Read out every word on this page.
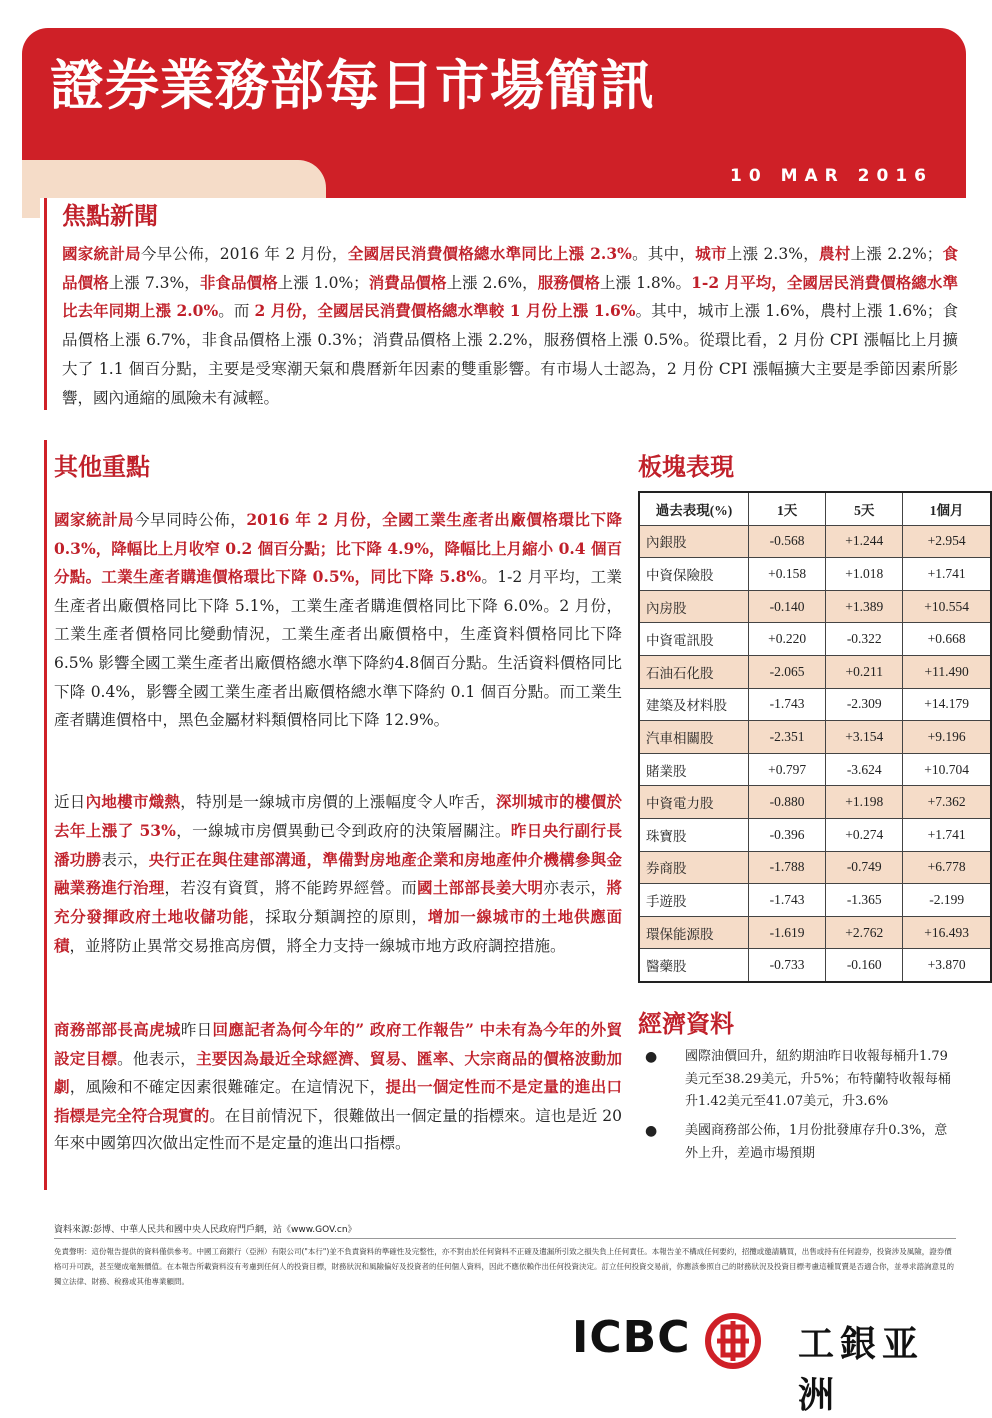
證券業務部每日市場簡訊
10 MAR 2016
焦點新聞

國家統計局今早公佈，2016 年 2 月份，全國居民消費價格總水準同比上漲 2.3%。其中，城市上漲 2.3%，農村上漲 2.2%；食品價格上漲 7.3%，非食品價格上漲 1.0%；消費品價格上漲 2.6%，服務價格上漲 1.8%。1-2 月平均，全國居民消費價格總水準比去年同期上漲 2.0%。而 2 月份，全國居民消費價格總水準較 1 月份上漲 1.6%。其中，城市上漲 1.6%，農村上漲 1.6%；食品價格上漲 6.7%，非食品價格上漲 0.3%；消費品價格上漲 2.2%，服務價格上漲 0.5%。從環比看，2 月份 CPI 漲幅比上月擴大了 1.1 個百分點，主要是受寒潮天氣和農曆新年因素的雙重影響。有市場人士認為，2 月份 CPI 漲幅擴大主要是季節因素所影響，國內通縮的風險未有減輕。

其他重點

國家統計局今早同時公佈，2016 年 2 月份，全國工業生產者出廠價格環比下降 0.3%，降幅比上月收窄 0.2 個百分點；比下降 4.9%，降幅比上月縮小 0.4 個百分點。工業生產者購進價格環比下降 0.5%，同比下降 5.8%。1-2 月平均，工業生產者出廠價格同比下降 5.1%，工業生產者購進價格同比下降 6.0%。2 月份，工業生產者價格同比變動情況，工業生產者出廠價格中，生產資料價格同比下降6.5% 影響全國工業生產者出廠價格總水準下降約4.8個百分點。生活資料價格同比下降 0.4%，影響全國工業生產者出廠價格總水準下降約 0.1 個百分點。而工業生產者購進價格中，黑色金屬材料類價格同比下降 12.9%。

近日內地樓市熾熱，特別是一線城市房價的上漲幅度令人咋舌，深圳城市的樓價於去年上漲了 53%，一線城市房價異動已令到政府的決策層關注。昨日央行副行長潘功勝表示，央行正在與住建部溝通，準備對房地產企業和房地產仲介機構參與金融業務進行治理，若沒有資質，將不能跨界經營。而國土部部長姜大明亦表示，將充分發揮政府土地收儲功能，採取分類調控的原則，增加一線城市的土地供應面積，並將防止異常交易推高房價，將全力支持一線城市地方政府調控措施。

商務部部長高虎城昨日回應記者為何今年的” 政府工作報告” 中未有為今年的外貿設定目標。他表示，主要因為最近全球經濟、貿易、匯率、大宗商品的價格波動加劇，風險和不確定因素很難確定。在這情況下，提出一個定性而不是定量的進出口指標是完全符合現實的。在目前情況下，很難做出一個定量的指標來。這也是近 20 年來中國第四次做出定性而不是定量的進出口指標。

板塊表現
過去表現(%)	1天	5天	1個月
內銀股	-0.568	+1.244	+2.954
中資保險股	+0.158	+1.018	+1.741
內房股	-0.140	+1.389	+10.554
中資電訊股	+0.220	-0.322	+0.668
石油石化股	-2.065	+0.211	+11.490
建築及材料股	-1.743	-2.309	+14.179
汽車相關股	-2.351	+3.154	+9.196
賭業股	+0.797	-3.624	+10.704
中資電力股	-0.880	+1.198	+7.362
珠寶股	-0.396	+0.274	+1.741
券商股	-1.788	-0.749	+6.778
手遊股	-1.743	-1.365	-2.199
環保能源股	-1.619	+2.762	+16.493
醫藥股	-0.733	-0.160	+3.870
經濟資料
● 國際油價回升，紐約期油昨日收報每桶升1.79美元至38.29美元，升5%；布特蘭特收報每桶升1.42美元至41.07美元，升3.6%
● 美國商務部公佈，1月份批發庫存升0.3%，意外上升，差過市場預期

資料來源:彭博、中華人民共和國中央人民政府門戶網，站《www.GOV.cn》

免責聲明：這份報告提供的資料僅供參考。中國工商銀行（亞洲）有限公司("本行")並不負責資料的準確性及完整性，亦不對由於任何資料不正確及遺漏所引致之損失負上任何責任。本報告並不構成任何要約，招攬或邀請購買，出售或持有任何證券，投資涉及風險，證券價格可升可跌，甚至變成毫無價值。在本報告所載資料沒有考慮到任何人的投資目標，財務狀況和風險偏好及投資者的任何個人資料，因此不應依賴作出任何投資決定。訂立任何投資交易前，你應該參照自己的財務狀況及投資目標考慮這種買賣是否適合你，並尋求諮詢意見的獨立法律、財務、稅務或其他專業顧問。

ICBC	工銀亚洲
